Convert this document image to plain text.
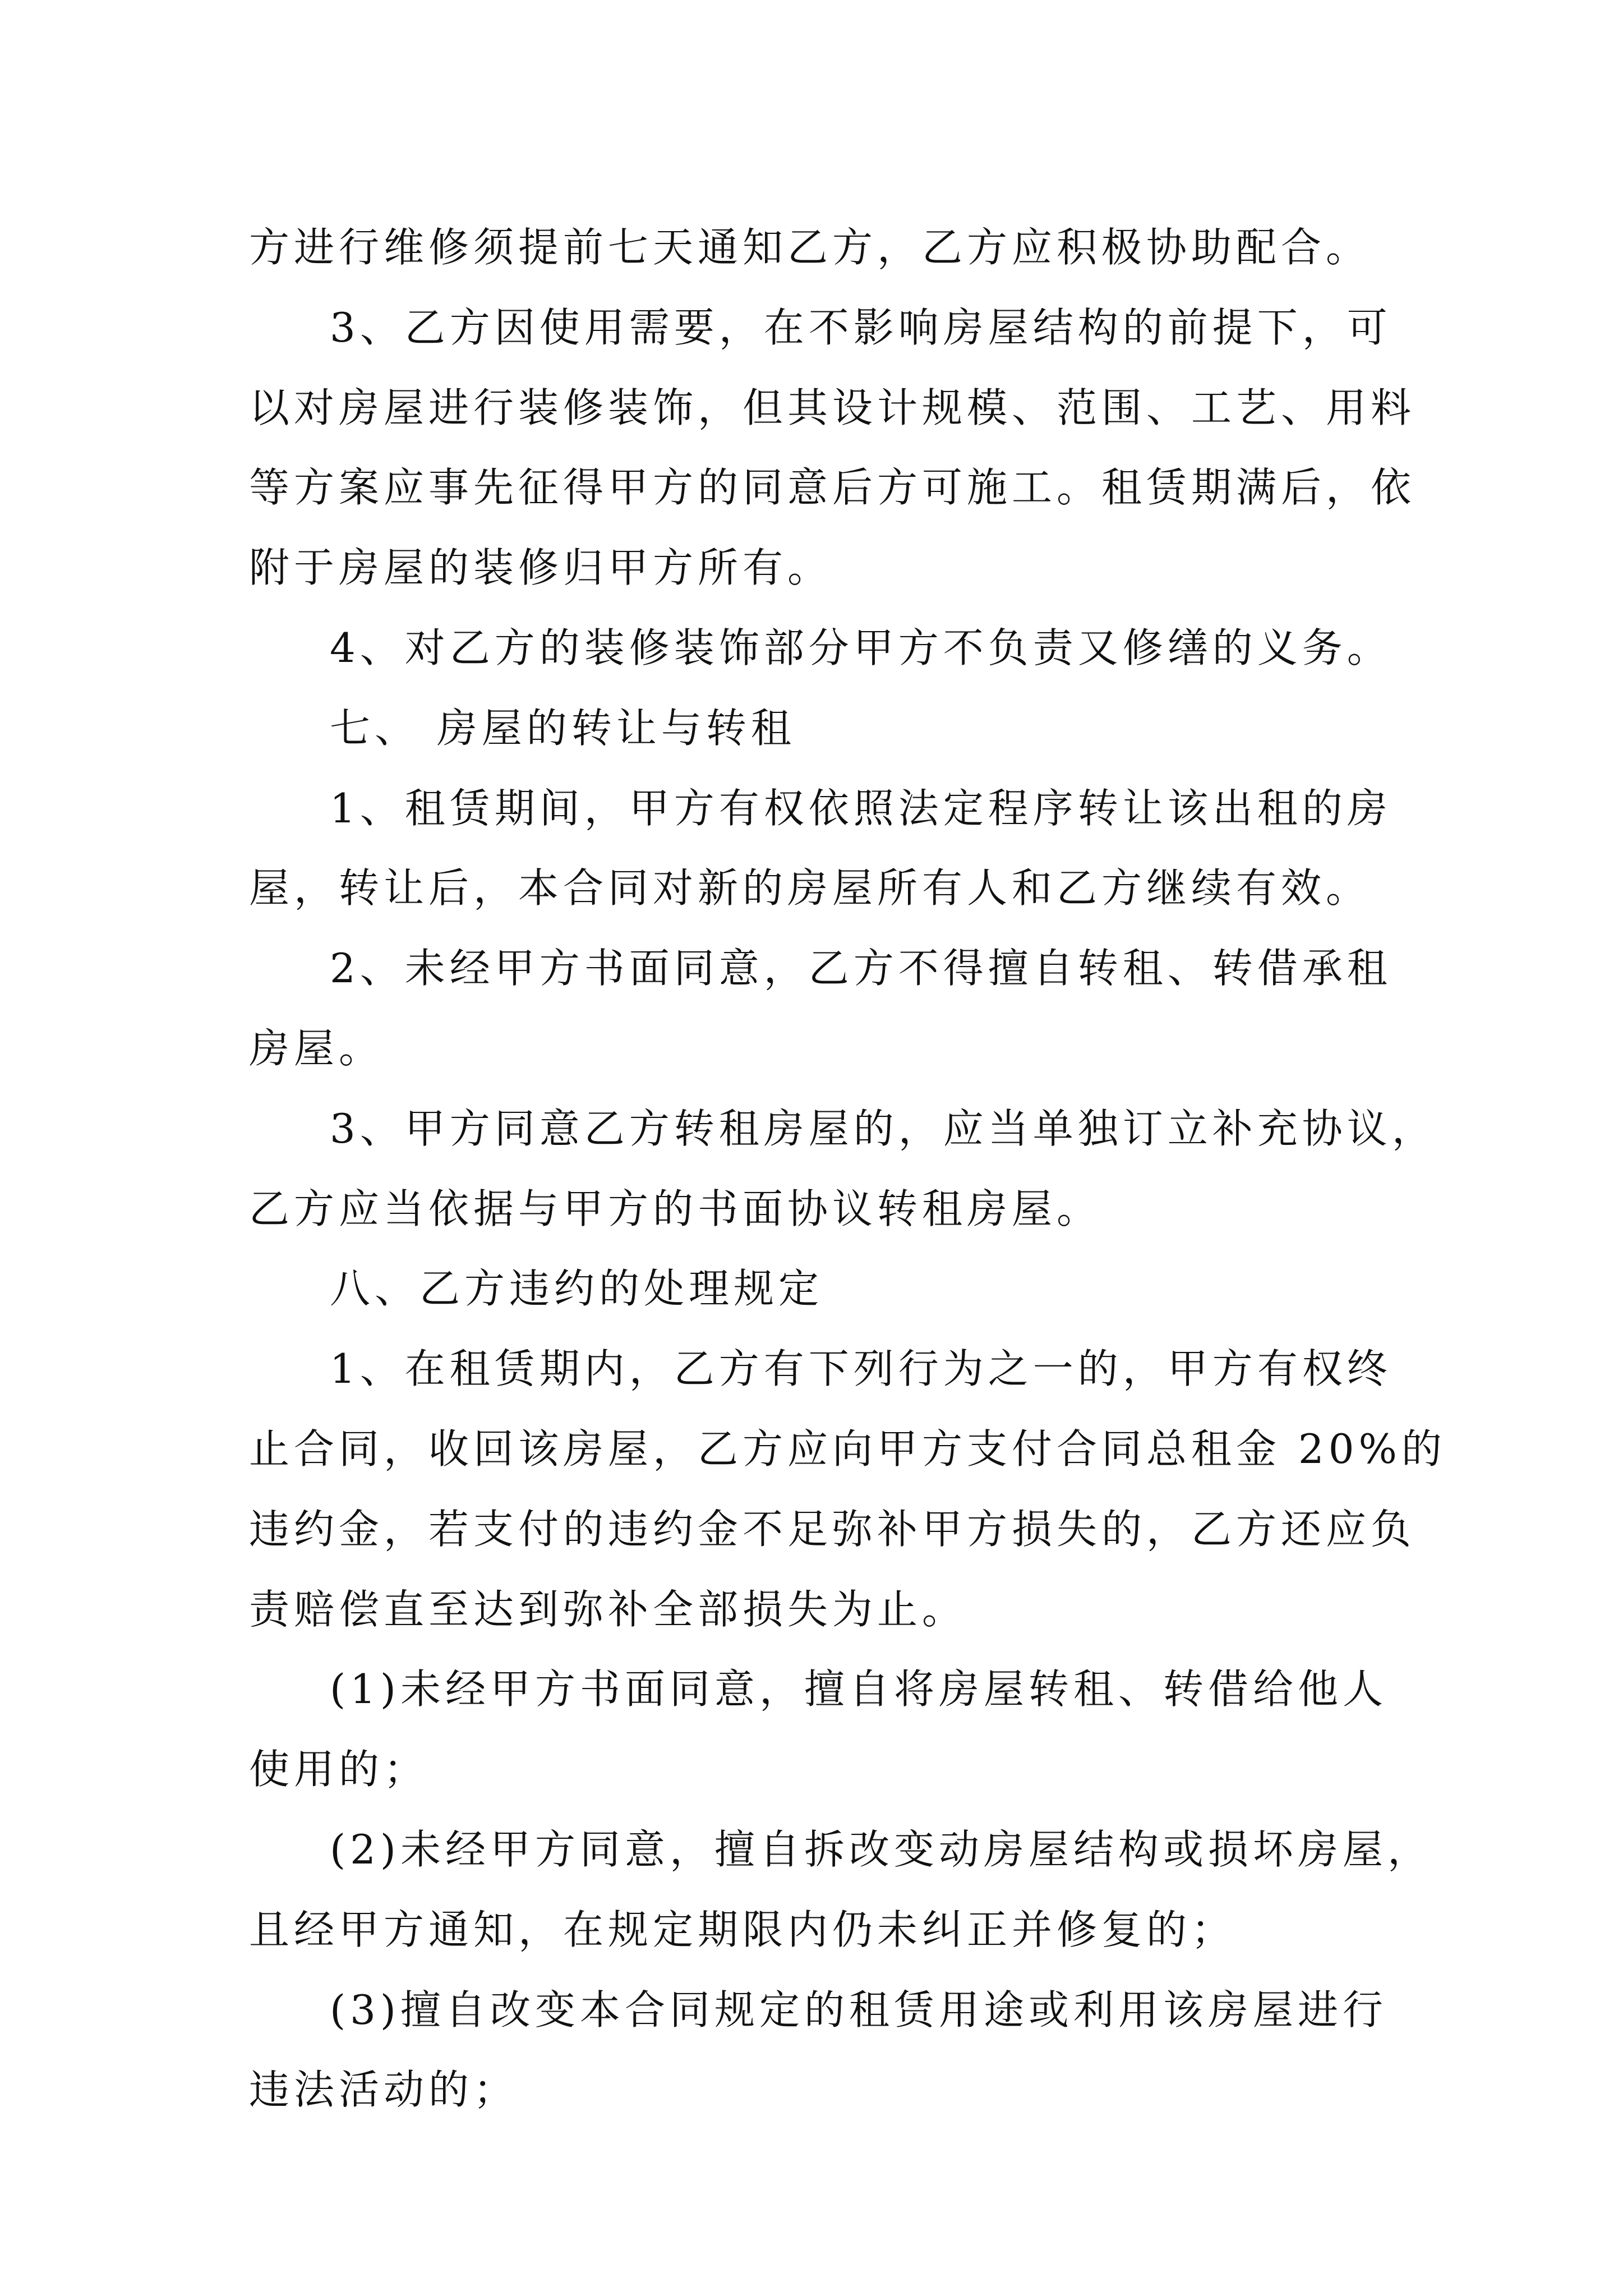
方进行维修须提前七天通知乙方，乙方应积极协助配合。
3、乙方因使用需要，在不影响房屋结构的前提下，可
以对房屋进行装修装饰，但其设计规模、范围、工艺、用料
等方案应事先征得甲方的同意后方可施工。租赁期满后，依
附于房屋的装修归甲方所有。
4、对乙方的装修装饰部分甲方不负责又修缮的义务。
七、 房屋的转让与转租
1、租赁期间，甲方有权依照法定程序转让该出租的房
屋，转让后，本合同对新的房屋所有人和乙方继续有效。
2、未经甲方书面同意，乙方不得擅自转租、转借承租
房屋。
3、甲方同意乙方转租房屋的，应当单独订立补充协议，
乙方应当依据与甲方的书面协议转租房屋。
八、乙方违约的处理规定
1、在租赁期内，乙方有下列行为之一的，甲方有权终
止合同，收回该房屋，乙方应向甲方支付合同总租金 20%的
违约金，若支付的违约金不足弥补甲方损失的，乙方还应负
责赔偿直至达到弥补全部损失为止。
(1)未经甲方书面同意，擅自将房屋转租、转借给他人
使用的；
(2)未经甲方同意，擅自拆改变动房屋结构或损坏房屋，
且经甲方通知，在规定期限内仍未纠正并修复的；
(3)擅自改变本合同规定的租赁用途或利用该房屋进行
违法活动的；
